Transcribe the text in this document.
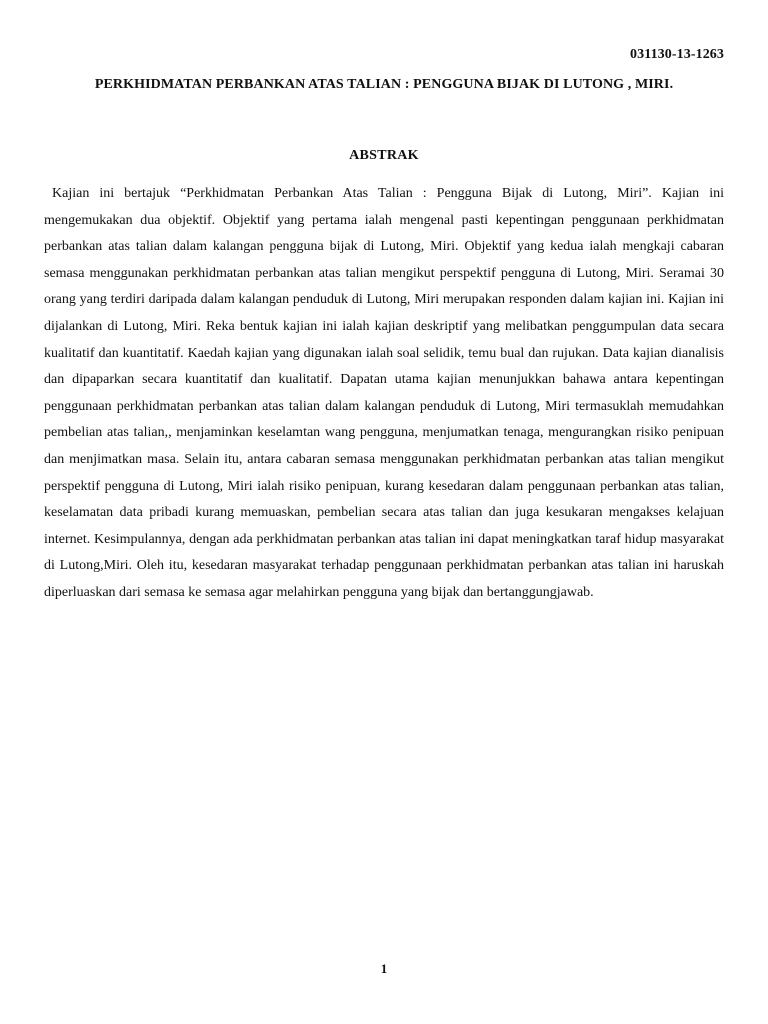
031130-13-1263
PERKHIDMATAN PERBANKAN ATAS TALIAN : PENGGUNA BIJAK DI LUTONG , MIRI.
ABSTRAK

Kajian ini bertajuk “Perkhidmatan Perbankan Atas Talian : Pengguna Bijak di Lutong, Miri”. Kajian ini mengemukakan dua objektif. Objektif yang pertama ialah mengenal pasti kepentingan penggunaan perkhidmatan perbankan atas talian dalam kalangan pengguna bijak di Lutong, Miri. Objektif yang kedua ialah mengkaji cabaran semasa menggunakan perkhidmatan perbankan atas talian mengikut perspektif pengguna di Lutong, Miri. Seramai 30 orang yang terdiri daripada dalam kalangan penduduk di Lutong, Miri merupakan responden dalam kajian ini. Kajian ini dijalankan di Lutong, Miri. Reka bentuk kajian ini ialah kajian deskriptif yang melibatkan penggumpulan data secara kualitatif dan kuantitatif. Kaedah kajian yang digunakan ialah soal selidik, temu bual dan rujukan. Data kajian dianalisis dan dipaparkan secara kuantitatif dan kualitatif. Dapatan utama kajian menunjukkan bahawa antara kepentingan penggunaan perkhidmatan perbankan atas talian dalam kalangan penduduk di Lutong, Miri termasuklah memudahkan pembelian atas talian,, menjaminkan keselamtan wang pengguna, menjumatkan tenaga, mengurangkan risiko penipuan dan menjimatkan masa. Selain itu, antara cabaran semasa menggunakan perkhidmatan perbankan atas talian mengikut perspektif pengguna di Lutong, Miri ialah risiko penipuan, kurang kesedaran dalam penggunaan perbankan atas talian, keselamatan data pribadi kurang memuaskan, pembelian secara atas talian dan juga kesukaran mengakses kelajuan internet. Kesimpulannya, dengan ada perkhidmatan perbankan atas talian ini dapat meningkatkan taraf hidup masyarakat di Lutong,Miri. Oleh itu, kesedaran masyarakat terhadap penggunaan perkhidmatan perbankan atas talian ini haruskah diperluaskan dari semasa ke semasa agar melahirkan pengguna yang bijak dan bertanggungjawab.

1
